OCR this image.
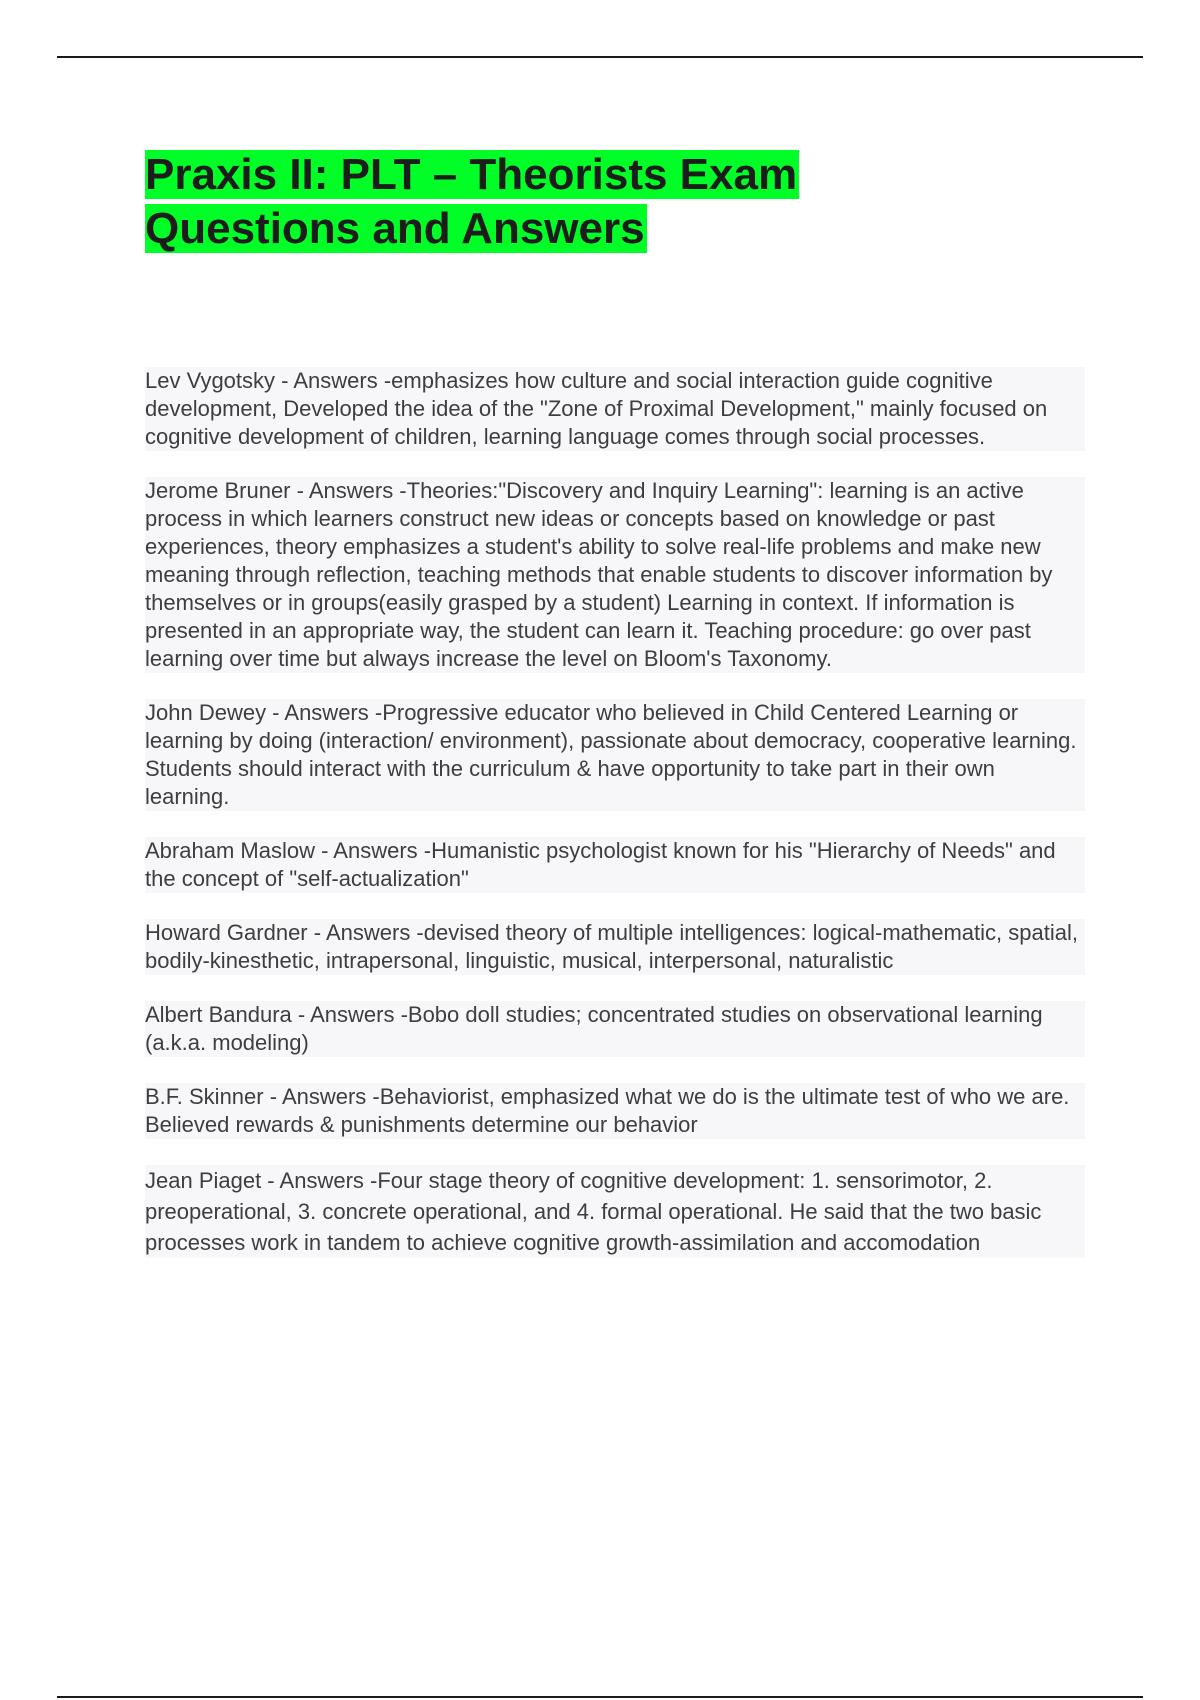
Praxis II: PLT – Theorists Exam
Questions and Answers

Lev Vygotsky - Answers -emphasizes how culture and social interaction guide cognitive development, Developed the idea of the "Zone of Proximal Development," mainly focused on cognitive development of children, learning language comes through social processes.

Jerome Bruner - Answers -Theories:"Discovery and Inquiry Learning": learning is an active process in which learners construct new ideas or concepts based on knowledge or past experiences, theory emphasizes a student's ability to solve real-life problems and make new meaning through reflection, teaching methods that enable students to discover information by themselves or in groups(easily grasped by a student) Learning in context. If information is presented in an appropriate way, the student can learn it. Teaching procedure: go over past learning over time but always increase the level on Bloom's Taxonomy.

John Dewey - Answers -Progressive educator who believed in Child Centered Learning or learning by doing (interaction/ environment), passionate about democracy, cooperative learning. Students should interact with the curriculum & have opportunity to take part in their own learning.

Abraham Maslow - Answers -Humanistic psychologist known for his "Hierarchy of Needs" and the concept of "self-actualization"

Howard Gardner - Answers -devised theory of multiple intelligences: logical-mathematic, spatial, bodily-kinesthetic, intrapersonal, linguistic, musical, interpersonal, naturalistic

Albert Bandura - Answers -Bobo doll studies; concentrated studies on observational learning (a.k.a. modeling)

B.F. Skinner - Answers -Behaviorist, emphasized what we do is the ultimate test of who we are. Believed rewards & punishments determine our behavior

Jean Piaget - Answers -Four stage theory of cognitive development: 1. sensorimotor, 2. preoperational, 3. concrete operational, and 4. formal operational. He said that the two basic processes work in tandem to achieve cognitive growth-assimilation and accomodation
